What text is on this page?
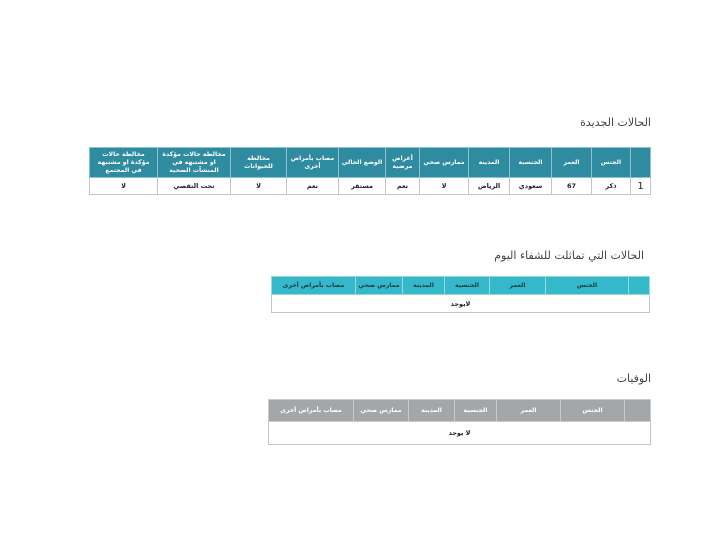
الحالات الجديدة
	الجنس	العمر	الجنسية	المدينة	ممارس صحي	أعراض مرضية	الوضع الحالي	مصاب بأمراض أخرى	مخالطة للحيوانات	مخالطة حالات مؤكدة او مشتبهة في المنشآت الصحية	مخالطة حالات مؤكدة او مشتبهة في المجتمع
1	ذكر	67	سعودي	الرياض	لا	نعم	مستقر	نعم	لا	تحت التقصي	لا
الحالات التي تماثلت للشفاء اليوم
	الجنس	العمر	الجنسية	المدينة	ممارس صحي	مصاب بأمراض أخرى
لايوجد
الوفيات
	الجنس	العمر	الجنسية	المدينة	ممارس صحي	مصاب بأمراض أخرى
لا يوجد
